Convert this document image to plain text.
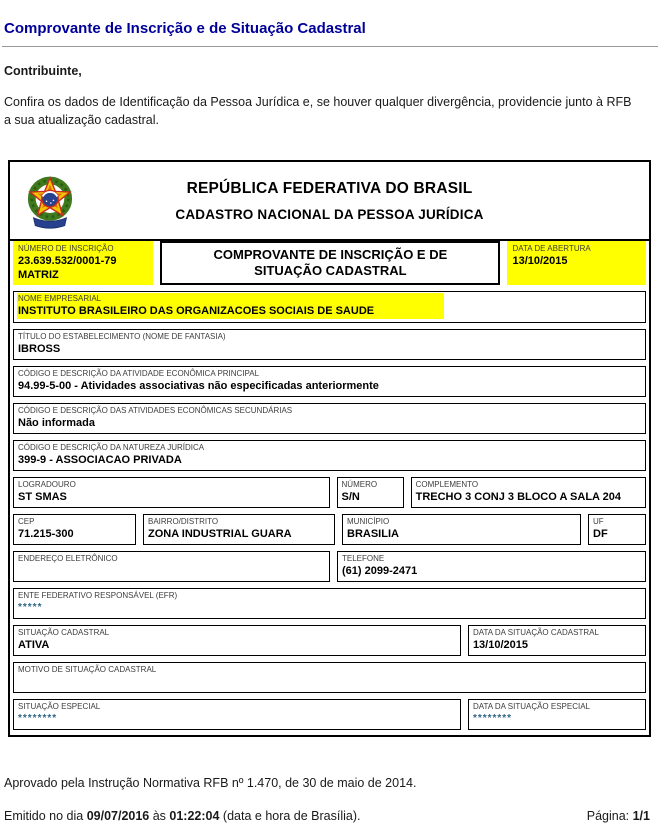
Comprovante de Inscrição e de Situação Cadastral

Contribuinte,

Confira os dados de Identificação da Pessoa Jurídica e, se houver qualquer divergência, providencie junto à RFB a sua atualização cadastral.

REPÚBLICA FEDERATIVA DO BRASIL
CADASTRO NACIONAL DA PESSOA JURÍDICA
NÚMERO DE INSCRIÇÃO
23.639.532/0001-79
MATRIZ
COMPROVANTE DE INSCRIÇÃO E DE SITUAÇÃO CADASTRAL
DATA DE ABERTURA
13/10/2015
NOME EMPRESARIAL
INSTITUTO BRASILEIRO DAS ORGANIZACOES SOCIAIS DE SAUDE
TÍTULO DO ESTABELECIMENTO (NOME DE FANTASIA)
IBROSS
CÓDIGO E DESCRIÇÃO DA ATIVIDADE ECONÔMICA PRINCIPAL
94.99-5-00 - Atividades associativas não especificadas anteriormente
CÓDIGO E DESCRIÇÃO DAS ATIVIDADES ECONÔMICAS SECUNDÁRIAS
Não informada
CÓDIGO E DESCRIÇÃO DA NATUREZA JURÍDICA
399-9 - ASSOCIACAO PRIVADA
LOGRADOURO
ST SMAS
NÚMERO
S/N
COMPLEMENTO
TRECHO 3 CONJ 3 BLOCO A SALA 204
CEP
71.215-300
BAIRRO/DISTRITO
ZONA INDUSTRIAL GUARA
MUNICÍPIO
BRASILIA
UF
DF
ENDEREÇO ELETRÔNICO	TELEFONE
(61) 2099-2471
ENTE FEDERATIVO RESPONSÁVEL (EFR)
*****
SITUAÇÃO CADASTRAL
ATIVA
DATA DA SITUAÇÃO CADASTRAL
13/10/2015
MOTIVO DE SITUAÇÃO CADASTRAL
SITUAÇÃO ESPECIAL
********
DATA DA SITUAÇÃO ESPECIAL
********

Aprovado pela Instrução Normativa RFB nº 1.470, de 30 de maio de 2014.

Emitido no dia 09/07/2016 às 01:22:04 (data e hora de Brasília).	Página: 1/1
